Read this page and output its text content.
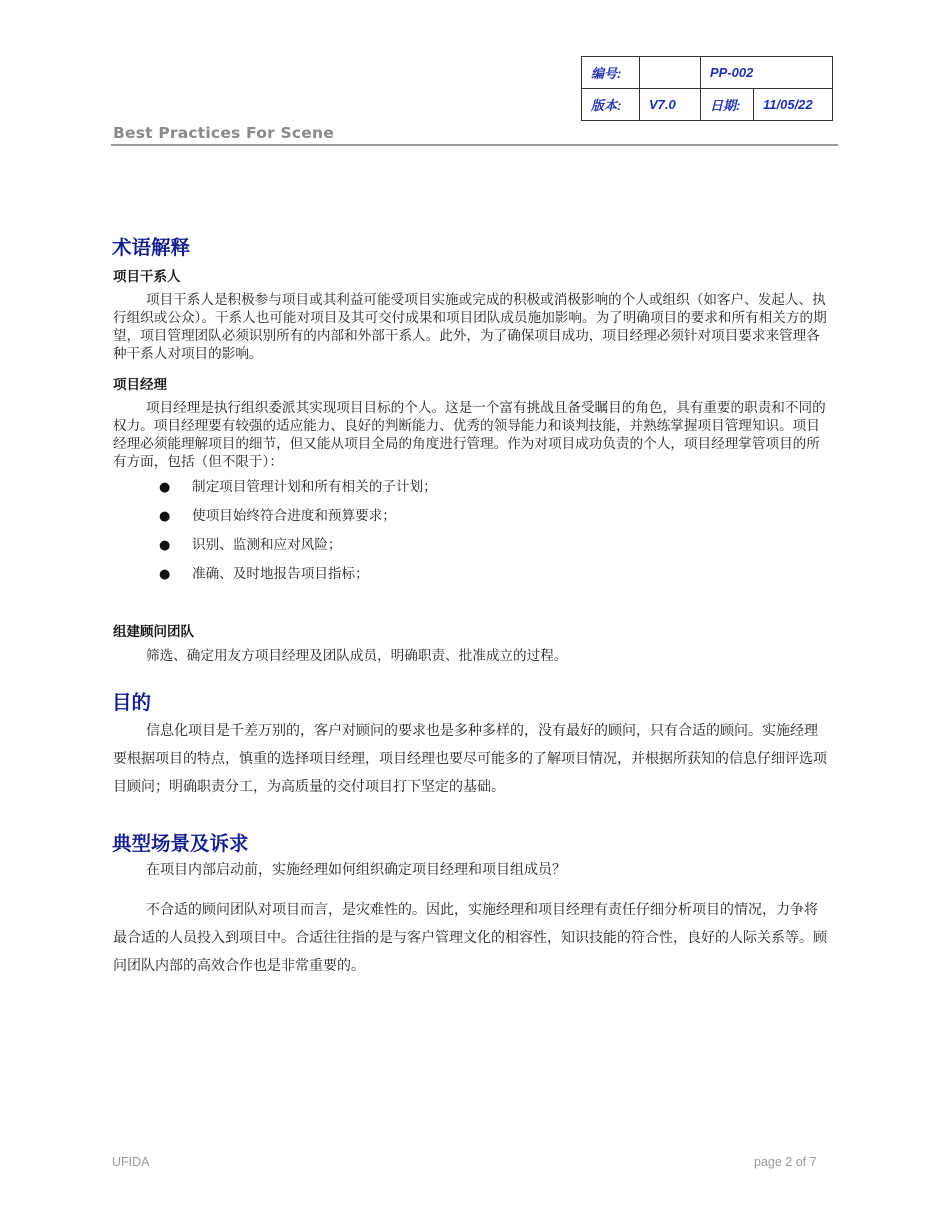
编号:		PP-002	
版本:	V7.0	日期:	11/05/22
Best Practices For Scene
术语解释
项目干系人

项目干系人是积极参与项目或其利益可能受项目实施或完成的积极或消极影响的个人或组织（如客户、发起人、执行组织或公众）。干系人也可能对项目及其可交付成果和项目团队成员施加影响。为了明确项目的要求和所有相关方的期望，项目管理团队必须识别所有的内部和外部干系人。此外，为了确保项目成功，项目经理必须针对项目要求来管理各种干系人对项目的影响。

项目经理

项目经理是执行组织委派其实现项目目标的个人。这是一个富有挑战且备受瞩目的角色，具有重要的职责和不同的权力。项目经理要有较强的适应能力、良好的判断能力、优秀的领导能力和谈判技能，并熟练掌握项目管理知识。项目经理必须能理解项目的细节，但又能从项目全局的角度进行管理。作为对项目成功负责的个人，项目经理掌管项目的所有方面，包括（但不限于）：

● 制定项目管理计划和所有相关的子计划；
● 使项目始终符合进度和预算要求；
● 识别、监测和应对风险；
● 准确、及时地报告项目指标；
组建顾问团队

筛选、确定用友方项目经理及团队成员，明确职责、批准成立的过程。

目的

信息化项目是千差万别的，客户对顾问的要求也是多种多样的，没有最好的顾问，只有合适的顾问。实施经理要根据项目的特点，慎重的选择项目经理，项目经理也要尽可能多的了解项目情况，并根据所获知的信息仔细评选项目顾问；明确职责分工，为高质量的交付项目打下坚定的基础。

典型场景及诉求

在项目内部启动前，实施经理如何组织确定项目经理和项目组成员？

不合适的顾问团队对项目而言，是灾难性的。因此，实施经理和项目经理有责任仔细分析项目的情况，力争将最合适的人员投入到项目中。合适往往指的是与客户管理文化的相容性，知识技能的符合性，良好的人际关系等。顾问团队内部的高效合作也是非常重要的。

UFIDA	page 2 of 7
